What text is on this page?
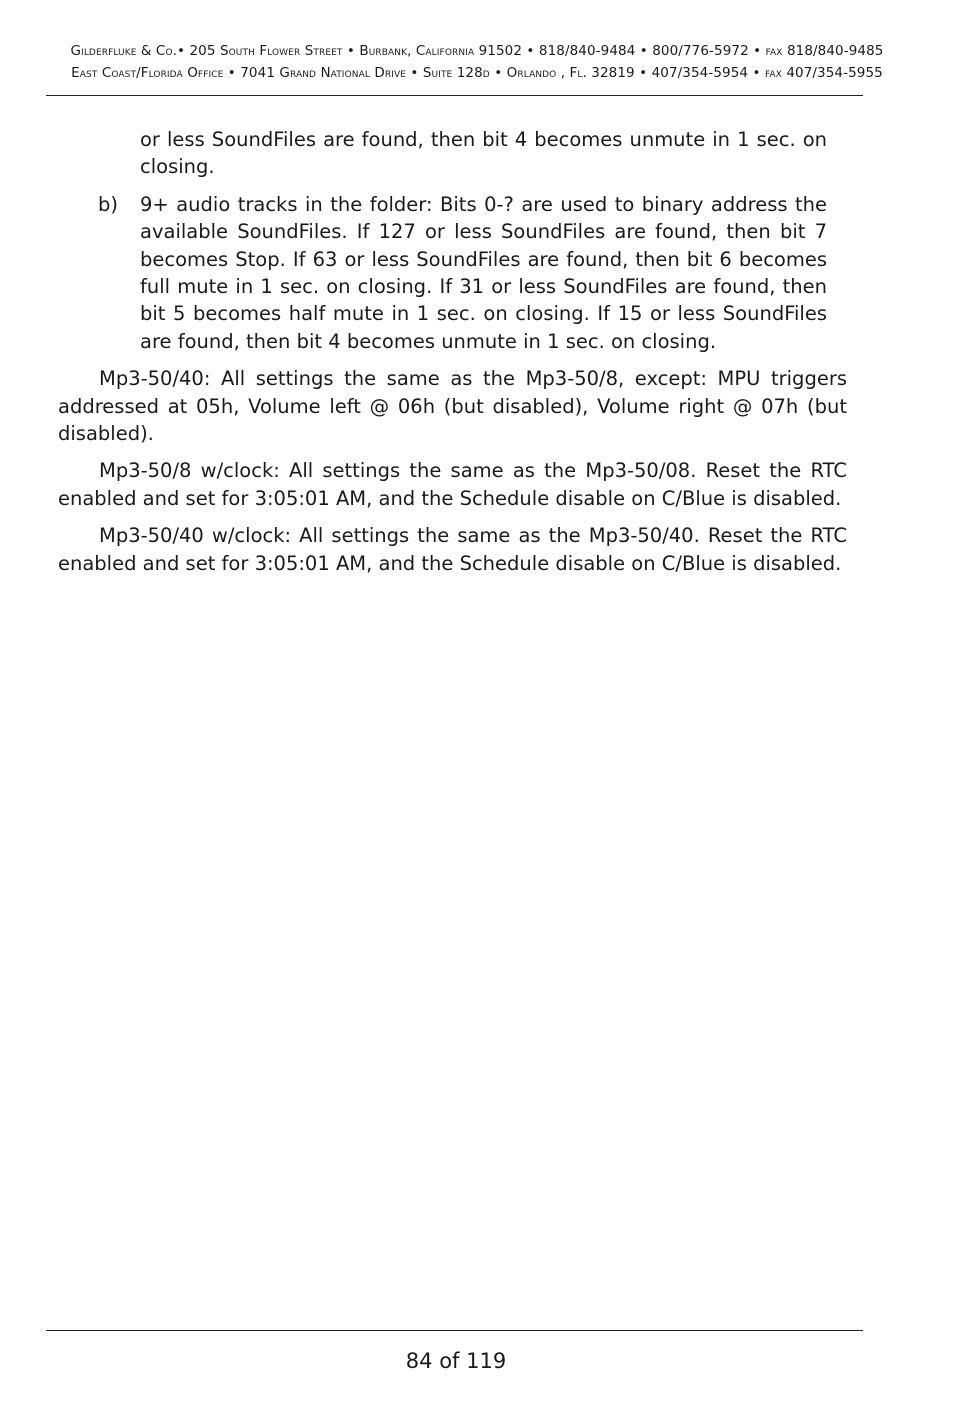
Gilderfluke & Co.• 205 South Flower Street • Burbank, California 91502 • 818/840-9484 • 800/776-5972 • fax 818/840-9485
East Coast/Florida Office • 7041 Grand National Drive • Suite 128d • Orlando , Fl. 32819 • 407/354-5954 • fax 407/354-5955

or less SoundFiles are found, then bit 4 becomes unmute in 1 sec. on closing.

b)	9+ audio tracks in the folder: Bits 0-? are used to binary address the available SoundFiles. If 127 or less SoundFiles are found, then bit 7 becomes Stop. If 63 or less SoundFiles are found, then bit 6 becomes full mute in 1 sec. on closing. If 31 or less SoundFiles are found, then bit 5 becomes half mute in 1 sec. on closing. If 15 or less SoundFiles are found, then bit 4 becomes unmute in 1 sec. on closing.

Mp3-50/40: All settings the same as the Mp3-50/8, except: MPU triggers addressed at 05h, Volume left @ 06h (but disabled), Volume right @ 07h (but disabled).

Mp3-50/8 w/clock: All settings the same as the Mp3-50/08. Reset the RTC enabled and set for 3:05:01 AM, and the Schedule disable on C/Blue is disabled.

Mp3-50/40 w/clock: All settings the same as the Mp3-50/40. Reset the RTC enabled and set for 3:05:01 AM, and the Schedule disable on C/Blue is disabled.

84 of 119
